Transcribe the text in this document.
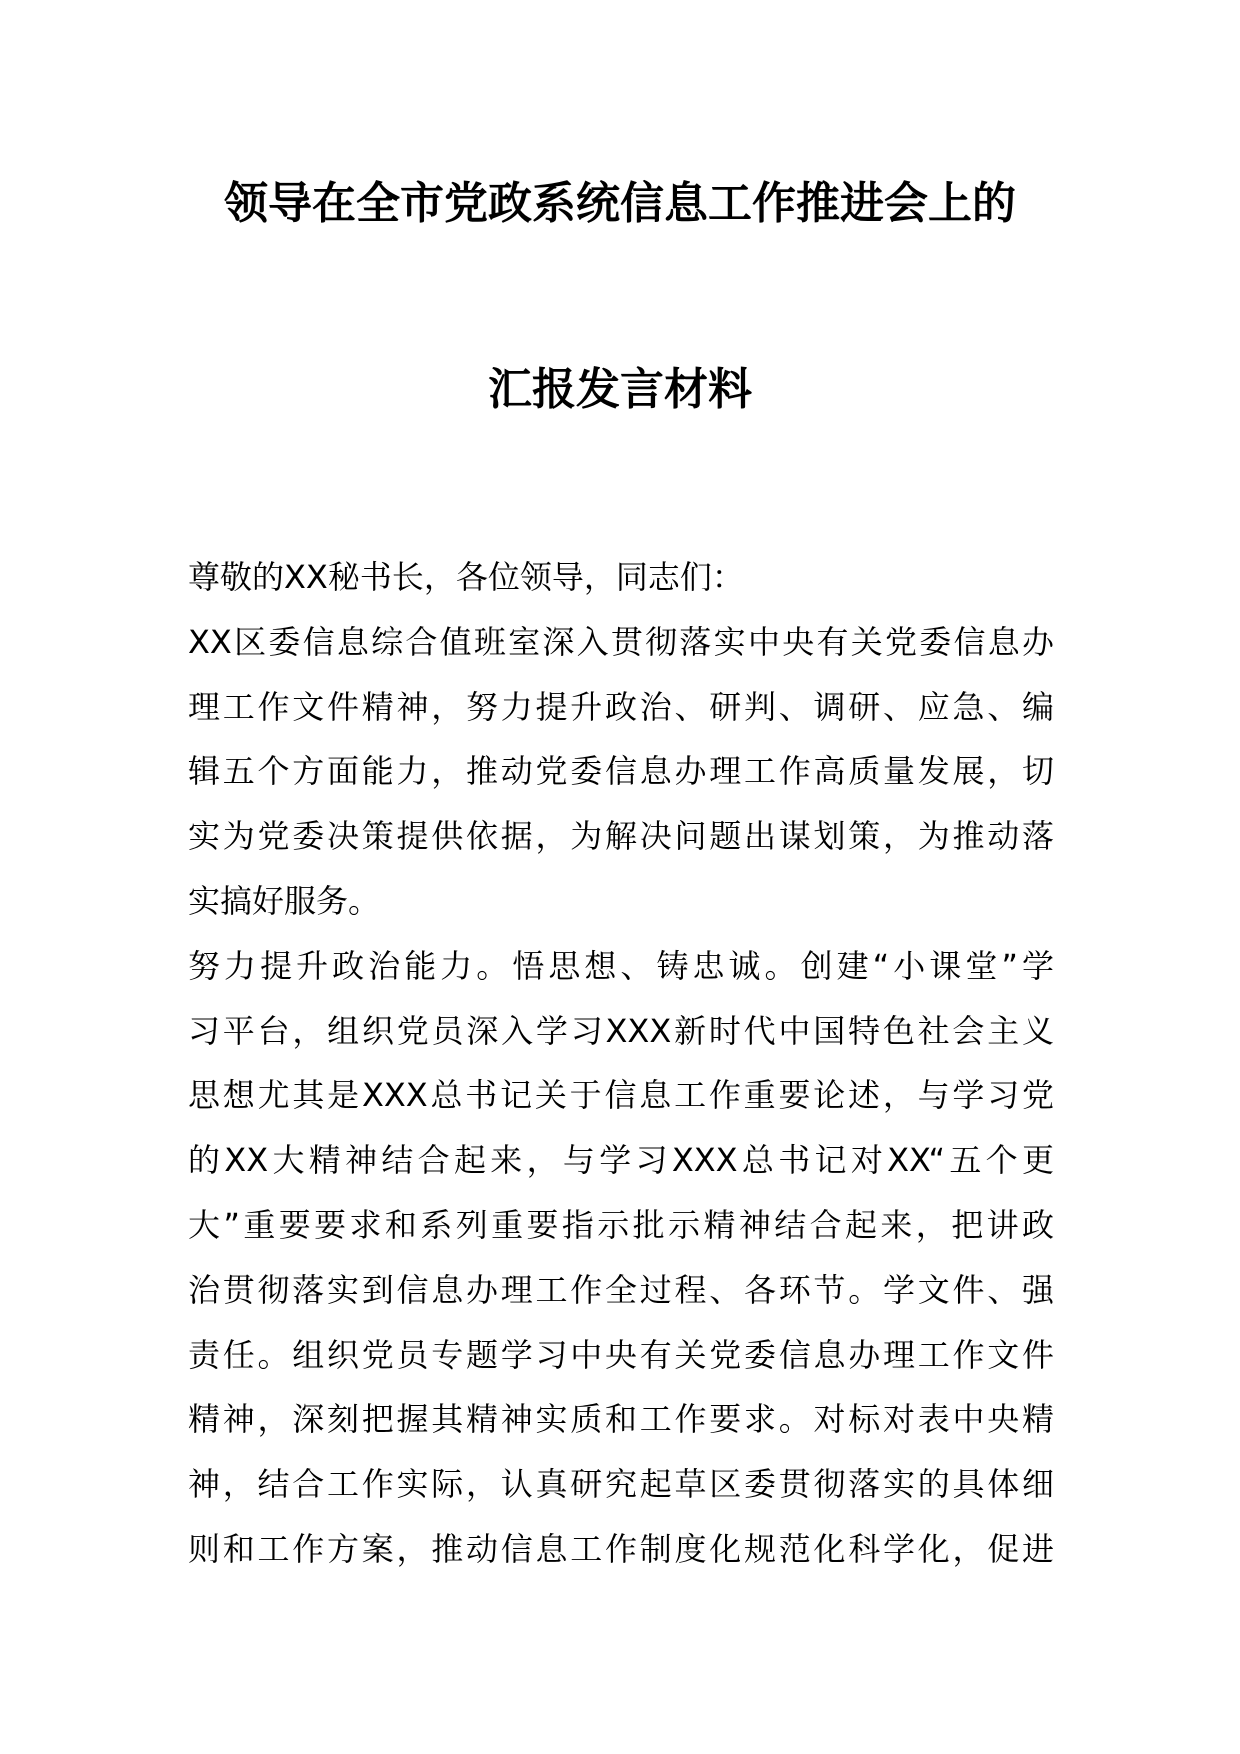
领导在全市党政系统信息工作推进会上的
汇报发言材料
尊敬的XX秘书长，各位领导，同志们：
XX区委信息综合值班室深入贯彻落实中央有关党委信息办
理工作文件精神，努力提升政治、研判、调研、应急、编
辑五个方面能力，推动党委信息办理工作高质量发展，切
实为党委决策提供依据，为解决问题出谋划策，为推动落
实搞好服务。
努力提升政治能力。悟思想、铸忠诚。创建“小课堂”学
习平台，组织党员深入学习XXX新时代中国特色社会主义
思想尤其是XXX总书记关于信息工作重要论述，与学习党
的XX大精神结合起来，与学习XXX总书记对XX“五个更
大”重要要求和系列重要指示批示精神结合起来，把讲政
治贯彻落实到信息办理工作全过程、各环节。学文件、强
责任。组织党员专题学习中央有关党委信息办理工作文件
精神，深刻把握其精神实质和工作要求。对标对表中央精
神，结合工作实际，认真研究起草区委贯彻落实的具体细
则和工作方案，推动信息工作制度化规范化科学化，促进
